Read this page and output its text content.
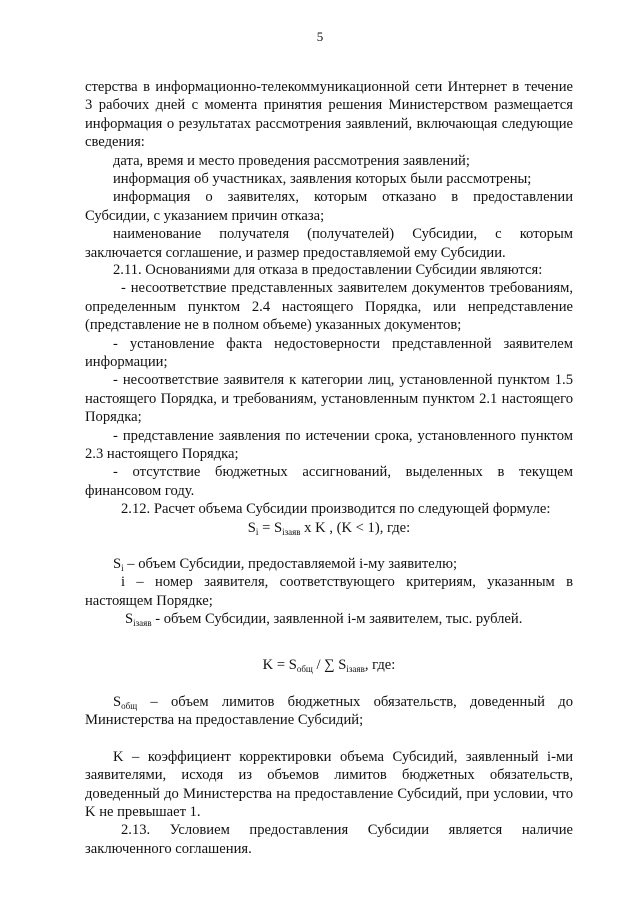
5

стерства в информационно-телекоммуникационной сети Интернет в течение 3 рабочих дней с момента принятия решения Министерством размещается информация о результатах рассмотрения заявлений, включающая следующие сведения:

дата, время и место проведения рассмотрения заявлений;

информация об участниках, заявления которых были рассмотрены;

информация о заявителях, которым отказано в предоставлении Субсидии, с указанием причин отказа;

наименование получателя (получателей) Субсидии, с которым заключается соглашение, и размер предоставляемой ему Субсидии.

2.11. Основаниями для отказа в предоставлении Субсидии являются:

- несоответствие представленных заявителем документов требованиям, определенным пунктом 2.4 настоящего Порядка, или непредставление (представление не в полном объеме) указанных документов;

- установление факта недостоверности представленной заявителем информации;

- несоответствие заявителя к категории лиц, установленной пунктом 1.5 настоящего Порядка, и требованиям, установленным пунктом 2.1 настоящего Порядка;

- представление заявления по истечении срока, установленного пунктом 2.3 настоящего Порядка;

- отсутствие бюджетных ассигнований, выделенных в текущем финансовом году.

2.12. Расчет объема Субсидии производится по следующей формуле:

$S_i = S_{iзаяв}$ x K , (K < 1), где:

$S_i$ – объем Субсидии, предоставляемой i-му заявителю;

i – номер заявителя, соответствующего критериям, указанным в настоящем Порядке;

$S_{iзаяв}$ - объем Субсидии, заявленной i-м заявителем, тыс. рублей.

$K = S_{общ}$ / ∑ $S_{iзаяв}$, где:

$S_{общ}$ – объем лимитов бюджетных обязательств, доведенный до Министерства на предоставление Субсидий;

K – коэффициент корректировки объема Субсидий, заявленный i-ми заявителями, исходя из объемов лимитов бюджетных обязательств, доведенный до Министерства на предоставление Субсидий, при условии, что K не превышает 1.

2.13. Условием предоставления Субсидии является наличие заключенного соглашения.
